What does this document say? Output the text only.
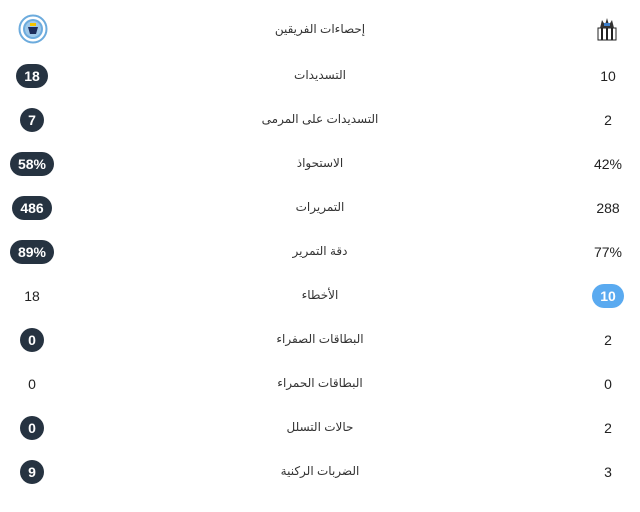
إحصاءات الفريقين
18	التسديدات	10
7	التسديدات على المرمى	2
58%	الاستحواذ	42%
486	التمريرات	288
89%	دقة التمرير	77%
18	الأخطاء	10
0	البطاقات الصفراء	2
0	البطاقات الحمراء	0
0	حالات التسلل	2
9	الضربات الركنية	3
